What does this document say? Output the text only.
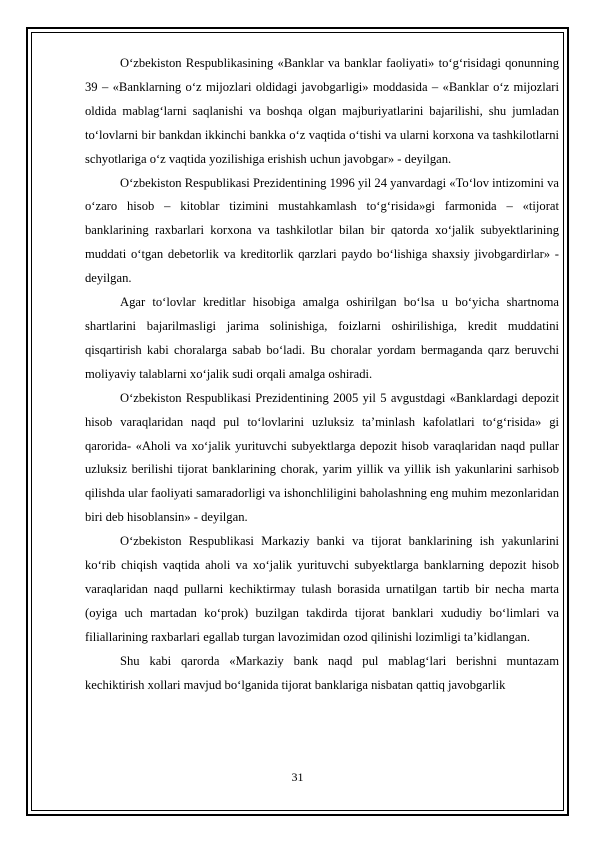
O‘zbekiston Respublikasining «Banklar va banklar faoliyati» to‘g‘risidagi qonunning 39 – «Banklarning o‘z mijozlari oldidagi javobgarligi» moddasida – «Banklar o‘z mijozlari oldida mablag‘larni saqlanishi va boshqa olgan majburiyatlarini bajarilishi, shu jumladan to‘lovlarni bir bankdan ikkinchi bankka o‘z vaqtida o‘tishi va ularni korxona va tashkilotlarni schyotlariga o‘z vaqtida yozilishiga erishish uchun javobgar» - deyilgan.

O‘zbekiston Respublikasi Prezidentining 1996 yil 24 yanvardagi «To‘lov intizomini va o‘zaro hisob – kitoblar tizimini mustahkamlash to‘g‘risida»gi farmonida – «tijorat banklarining raxbarlari korxona va tashkilotlar bilan bir qatorda xo‘jalik subyektlarining muddati o‘tgan debetorlik va kreditorlik qarzlari paydo bo‘lishiga shaxsiy jivobgardirlar» - deyilgan.

Agar to‘lovlar kreditlar hisobiga amalga oshirilgan bo‘lsa u bo‘yicha shartnoma shartlarini bajarilmasligi jarima solinishiga, foizlarni oshirilishiga, kredit muddatini qisqartirish kabi choralarga sabab bo‘ladi. Bu choralar yordam bermaganda qarz beruvchi moliyaviy talablarni xo‘jalik sudi orqali amalga oshiradi.

O‘zbekiston Respublikasi Prezidentining 2005 yil 5 avgustdagi «Banklardagi depozit hisob varaqlaridan naqd pul to‘lovlarini uzluksiz ta’minlash kafolatlari to‘g‘risida» gi qarorida- «Aholi va xo‘jalik yurituvchi subyektlarga depozit hisob varaqlaridan naqd pullar uzluksiz berilishi tijorat banklarining chorak, yarim yillik va yillik ish yakunlarini sarhisob qilishda ular faoliyati samaradorligi va ishonchliligini baholashning eng muhim mezonlaridan biri deb hisoblansin» - deyilgan.

O‘zbekiston Respublikasi Markaziy banki va tijorat banklarining ish yakunlarini ko‘rib chiqish vaqtida aholi va xo‘jalik yurituvchi subyektlarga banklarning depozit hisob varaqlaridan naqd pullarni kechiktirmay tulash borasida urnatilgan tartib bir necha marta (oyiga uch martadan ko‘prok) buzilgan takdirda tijorat banklari xududiy bo‘limlari va filiallarining raxbarlari egallab turgan lavozimidan ozod qilinishi lozimligi ta’kidlangan.

Shu kabi qarorda «Markaziy bank naqd pul mablag‘lari berishni muntazam kechiktirish xollari mavjud bo‘lganida tijorat banklariga nisbatan qattiq javobgarlik

31
